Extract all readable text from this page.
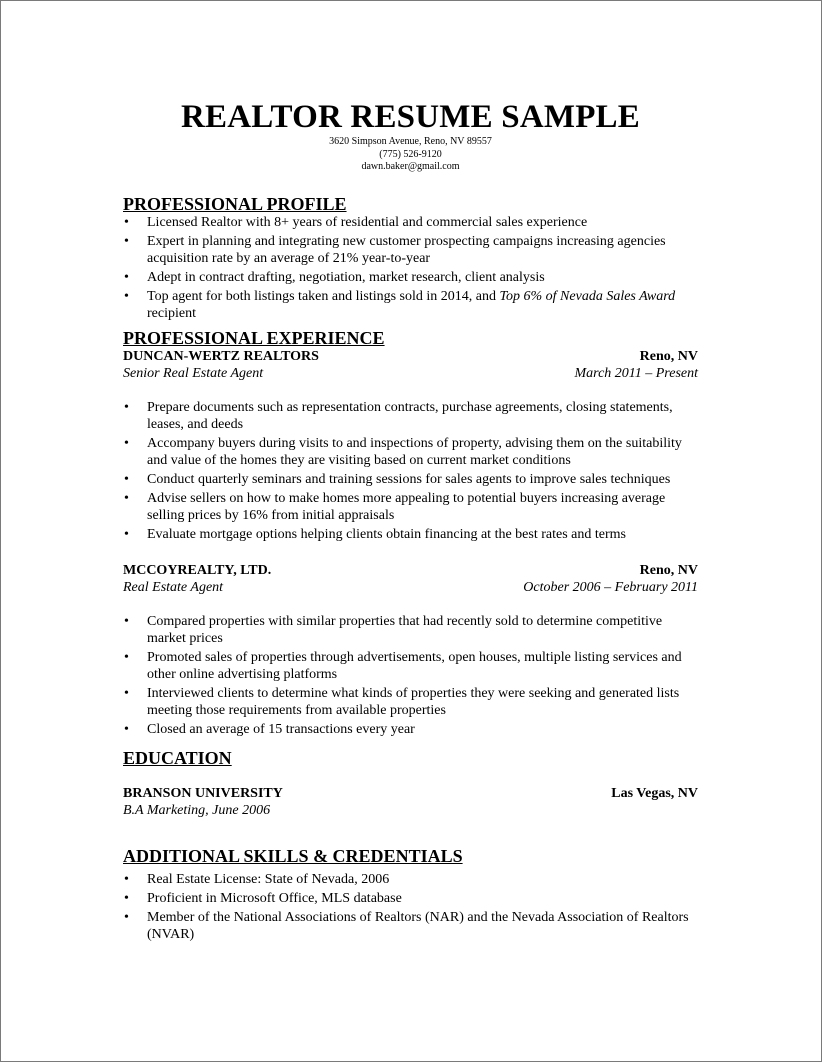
REALTOR RESUME SAMPLE

3620 Simpson Avenue, Reno, NV 89557

(775) 526-9120

dawn.baker@gmail.com

PROFESSIONAL PROFILE
• Licensed Realtor with 8+ years of residential and commercial sales experience
• Expert in planning and integrating new customer prospecting campaigns increasing agencies acquisition rate by an average of 21% year-to-year
• Adept in contract drafting, negotiation, market research, client analysis
• Top agent for both listings taken and listings sold in 2014, and Top 6% of Nevada Sales Award recipient
PROFESSIONAL EXPERIENCE
DUNCAN-WERTZ REALTORS	Reno, NV
Senior Real Estate Agent	March 2011 – Present
• Prepare documents such as representation contracts, purchase agreements, closing statements, leases, and deeds
• Accompany buyers during visits to and inspections of property, advising them on the suitability and value of the homes they are visiting based on current market conditions
• Conduct quarterly seminars and training sessions for sales agents to improve sales techniques
• Advise sellers on how to make homes more appealing to potential buyers increasing average selling prices by 16% from initial appraisals
• Evaluate mortgage options helping clients obtain financing at the best rates and terms
MCCOYREALTY, LTD.	Reno, NV
Real Estate Agent	October 2006 – February 2011
• Compared properties with similar properties that had recently sold to determine competitive market prices
• Promoted sales of properties through advertisements, open houses, multiple listing services and other online advertising platforms
• Interviewed clients to determine what kinds of properties they were seeking and generated lists meeting those requirements from available properties
• Closed an average of 15 transactions every year
EDUCATION
BRANSON UNIVERSITY	Las Vegas, NV
B.A Marketing, June 2006
ADDITIONAL SKILLS & CREDENTIALS
• Real Estate License: State of Nevada, 2006
• Proficient in Microsoft Office, MLS database
• Member of the National Associations of Realtors (NAR) and the Nevada Association of Realtors (NVAR)
